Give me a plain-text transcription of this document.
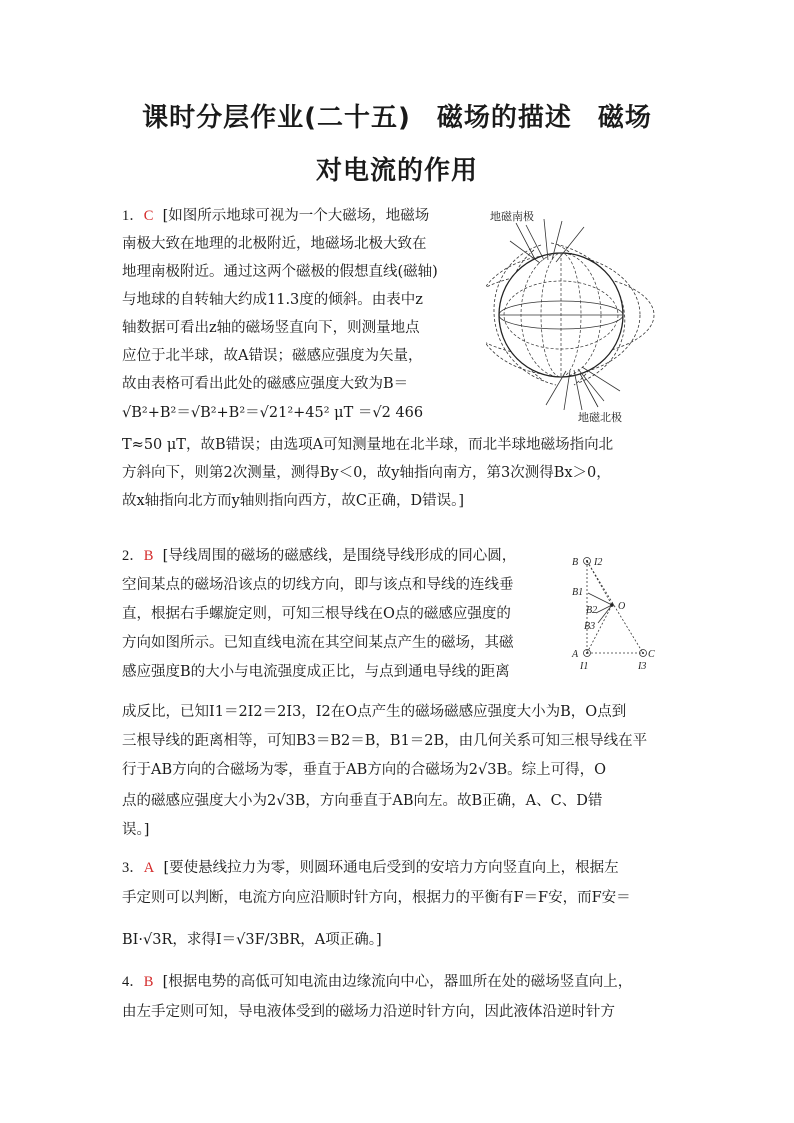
课时分层作业(二十五) 磁场的描述 磁场
对电流的作用
地磁南极
地磁北极
1．C [如图所示地球可视为一个大磁场，地磁场
南极大致在地理的北极附近，地磁场北极大致在
地理南极附近。通过这两个磁极的假想直线(磁轴)
与地球的自转轴大约成11.3度的倾斜。由表中z
轴数据可看出z轴的磁场竖直向下，则测量地点
应位于北半球，故A错误；磁感应强度为矢量，
故由表格可看出此处的磁感应强度大致为B＝
√B²+B²＝√B²+B²＝√21²+45² μT ＝√2 466
T≈50 μT，故B错误；由选项A可知测量地在北半球，而北半球地磁场指向北
方斜向下，则第2次测量，测得By＜0，故y轴指向南方，第3次测得Bx＞0，
故x轴指向北方而y轴则指向西方，故C正确，D错误。]
B I2
B1
B2
B3
O
A	C
I1	I3
2．B [导线周围的磁场的磁感线，是围绕导线形成的同心圆，
空间某点的磁场沿该点的切线方向，即与该点和导线的连线垂
直，根据右手螺旋定则，可知三根导线在O点的磁感应强度的
方向如图所示。已知直线电流在其空间某点产生的磁场，其磁
感应强度B的大小与电流强度成正比，与点到通电导线的距离
成反比，已知I1＝2I2＝2I3，I2在O点产生的磁场磁感应强度大小为B，O点到
三根导线的距离相等，可知B3＝B2＝B，B1＝2B，由几何关系可知三根导线在平
行于AB方向的合磁场为零，垂直于AB方向的合磁场为2√3B。综上可得，O
点的磁感应强度大小为2√3B，方向垂直于AB向左。故B正确，A、C、D错
误。]
3．A [要使悬线拉力为零，则圆环通电后受到的安培力方向竖直向上，根据左
手定则可以判断，电流方向应沿顺时针方向，根据力的平衡有F＝F安，而F安＝
BI·√3R，求得I＝√3F/3BR，A项正确。]
4．B [根据电势的高低可知电流由边缘流向中心，器皿所在处的磁场竖直向上，
由左手定则可知，导电液体受到的磁场力沿逆时针方向，因此液体沿逆时针方
